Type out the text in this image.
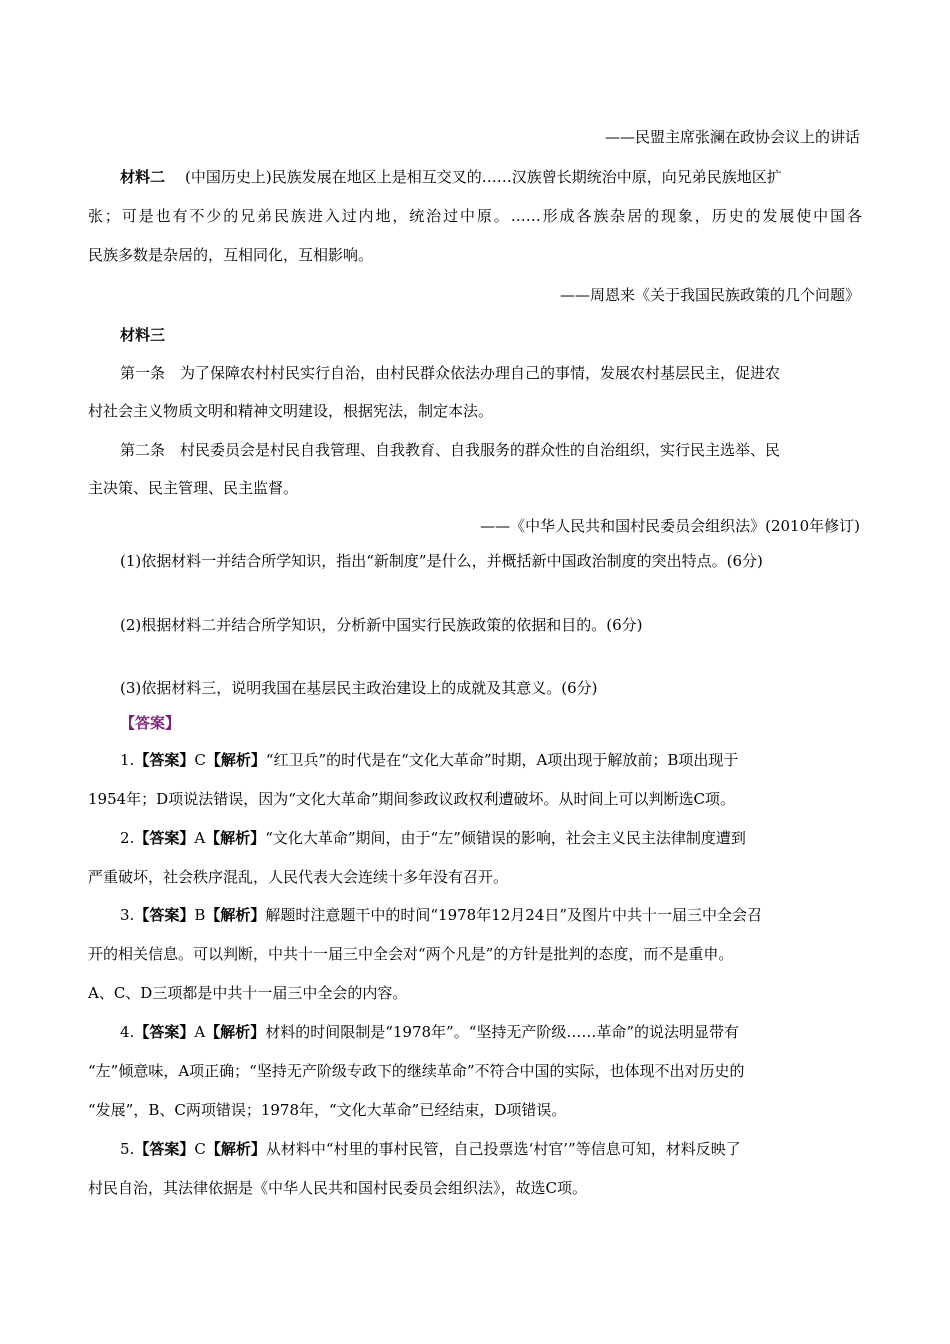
——民盟主席张澜在政协会议上的讲话
材料二 (中国历史上)民族发展在地区上是相互交叉的……汉族曾长期统治中原，向兄弟民族地区扩
张；可是也有不少的兄弟民族进入过内地，统治过中原。……形成各族杂居的现象，历史的发展使中国各
民族多数是杂居的，互相同化，互相影响。
——周恩来《关于我国民族政策的几个问题》
材料三
第一条　为了保障农村村民实行自治，由村民群众依法办理自己的事情，发展农村基层民主，促进农
村社会主义物质文明和精神文明建设，根据宪法，制定本法。
第二条　村民委员会是村民自我管理、自我教育、自我服务的群众性的自治组织，实行民主选举、民
主决策、民主管理、民主监督。
——《中华人民共和国村民委员会组织法》(2010年修订)
(1)依据材料一并结合所学知识，指出“新制度”是什么，并概括新中国政治制度的突出特点。(6分)
(2)根据材料二并结合所学知识，分析新中国实行民族政策的依据和目的。(6分)
(3)依据材料三，说明我国在基层民主政治建设上的成就及其意义。(6分)
【答案】
1.【答案】C【解析】“红卫兵”的时代是在“文化大革命”时期，A项出现于解放前；B项出现于
1954年；D项说法错误，因为“文化大革命”期间参政议政权利遭破坏。从时间上可以判断选C项。
2.【答案】A【解析】“文化大革命”期间，由于“左”倾错误的影响，社会主义民主法律制度遭到
严重破坏，社会秩序混乱，人民代表大会连续十多年没有召开。
3.【答案】B【解析】解题时注意题干中的时间“1978年12月24日”及图片中共十一届三中全会召
开的相关信息。可以判断，中共十一届三中全会对“两个凡是”的方针是批判的态度，而不是重申。
A、C、D三项都是中共十一届三中全会的内容。
4.【答案】A【解析】材料的时间限制是“1978年”。“坚持无产阶级……革命”的说法明显带有
“左”倾意味，A项正确；“坚持无产阶级专政下的继续革命”不符合中国的实际，也体现不出对历史的
“发展”，B、C两项错误；1978年，“文化大革命”已经结束，D项错误。
5.【答案】C【解析】从材料中“村里的事村民管，自己投票选‘村官’”等信息可知，材料反映了
村民自治，其法律依据是《中华人民共和国村民委员会组织法》，故选C项。
